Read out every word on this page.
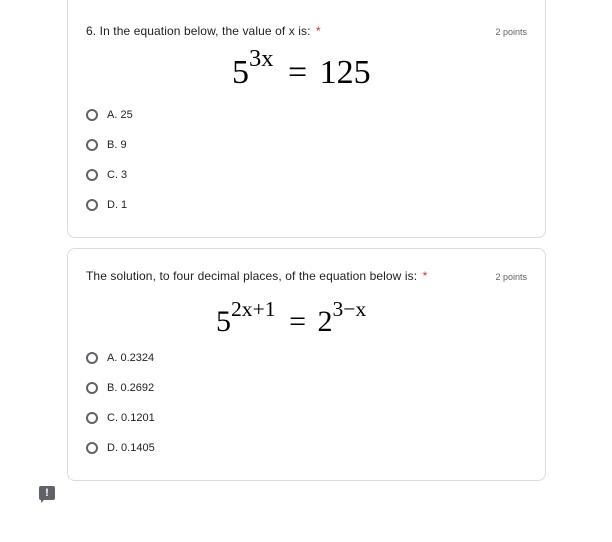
6. In the equation below, the value of x is: *	2 points
$5^{3x} = 125$
A. 25
B. 9
C. 3
D. 1
The solution, to four decimal places, of the equation below is: *	2 points
$5^{2x+1} = 2^{3-x}$
A. 0.2324
B. 0.2692
C. 0.1201
D. 0.1405
!
